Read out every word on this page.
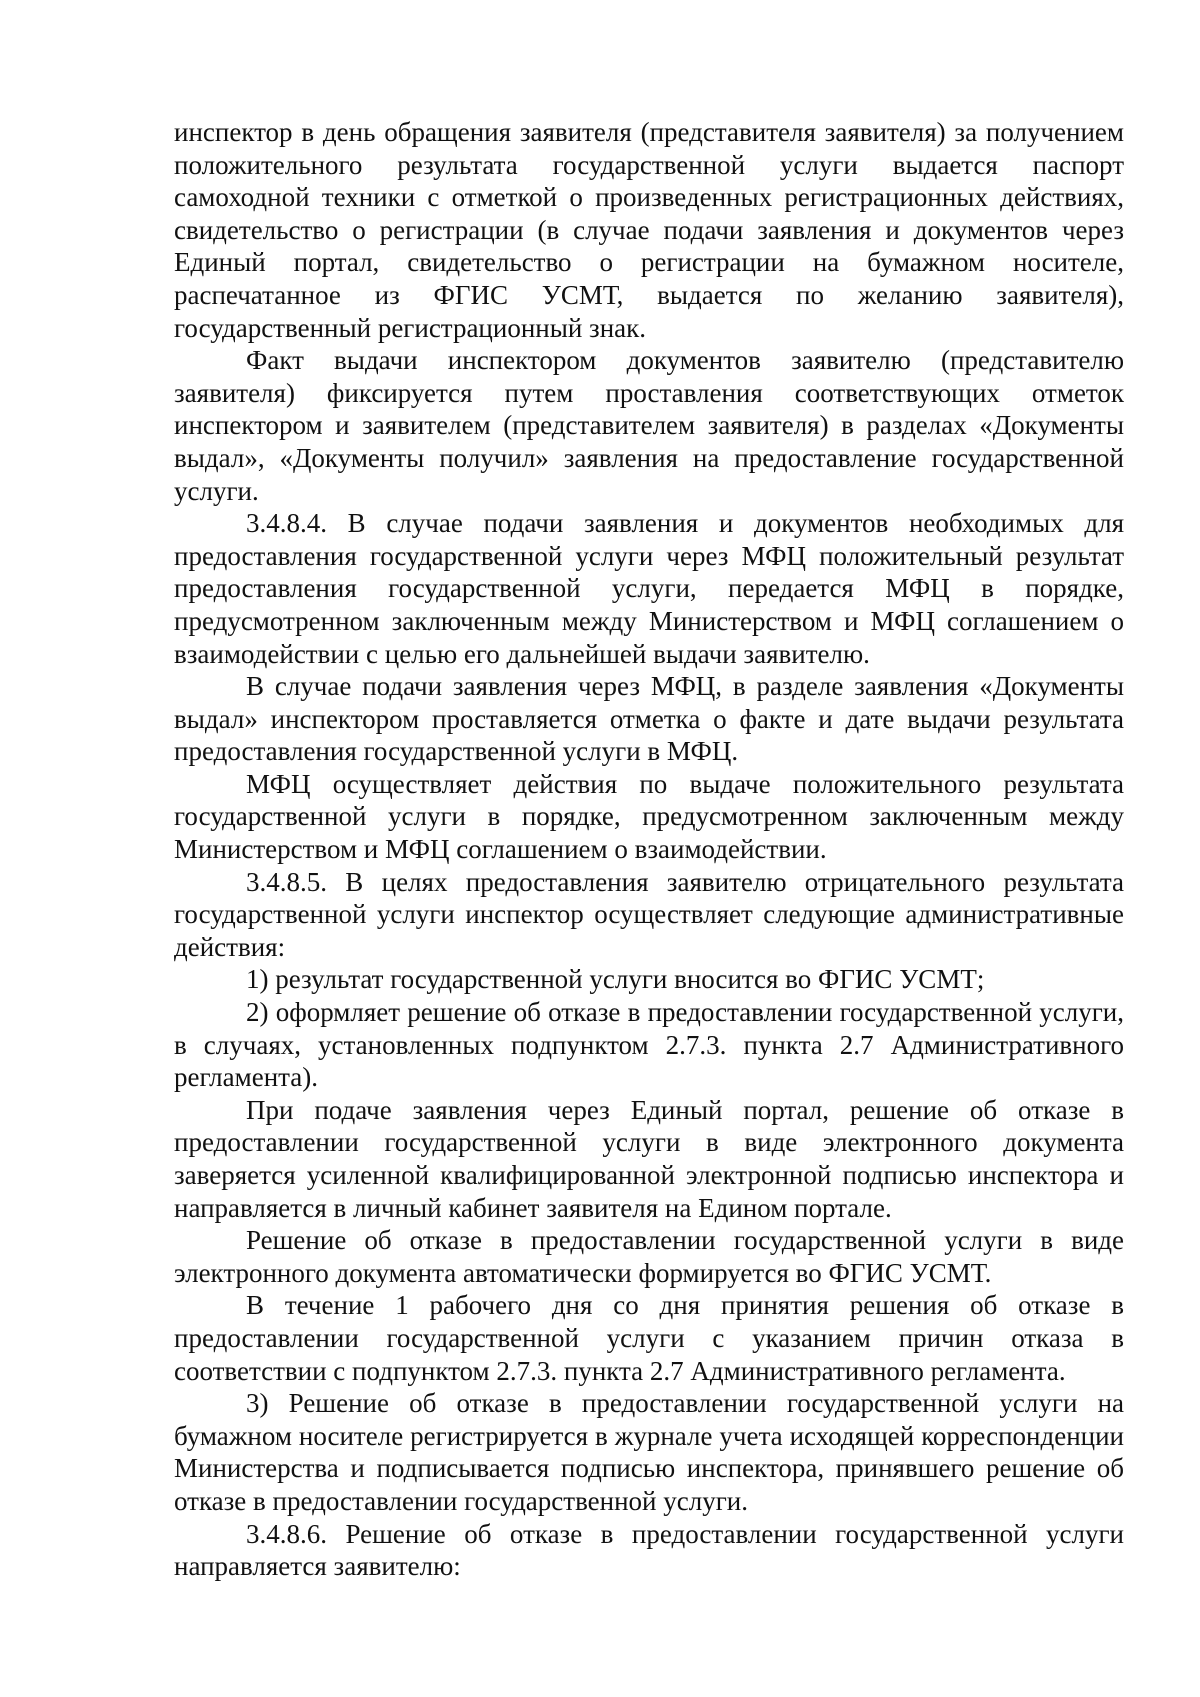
инспектор в день обращения заявителя (представителя заявителя) за получением положительного результата государственной услуги выдается паспорт самоходной техники с отметкой о произведенных регистрационных действиях, свидетельство о регистрации (в случае подачи заявления и документов через Единый портал, свидетельство о регистрации на бумажном носителе, распечатанное из ФГИС УСМТ, выдается по желанию заявителя), государственный регистрационный знак.

Факт выдачи инспектором документов заявителю (представителю заявителя) фиксируется путем проставления соответствующих отметок инспектором и заявителем (представителем заявителя) в разделах «Документы выдал», «Документы получил» заявления на предоставление государственной услуги.

3.4.8.4. В случае подачи заявления и документов необходимых для предоставления государственной услуги через МФЦ положительный результат предоставления государственной услуги, передается МФЦ в порядке, предусмотренном заключенным между Министерством и МФЦ соглашением о взаимодействии с целью его дальнейшей выдачи заявителю.

В случае подачи заявления через МФЦ, в разделе заявления «Документы выдал» инспектором проставляется отметка о факте и дате выдачи результата предоставления государственной услуги в МФЦ.

МФЦ осуществляет действия по выдаче положительного результата государственной услуги в порядке, предусмотренном заключенным между Министерством и МФЦ соглашением о взаимодействии.

3.4.8.5. В целях предоставления заявителю отрицательного результата государственной услуги инспектор осуществляет следующие административные действия:

1) результат государственной услуги вносится во ФГИС УСМТ;

2) оформляет решение об отказе в предоставлении государственной услуги, в случаях, установленных подпунктом 2.7.3. пункта 2.7 Административного регламента).

При подаче заявления через Единый портал, решение об отказе в предоставлении государственной услуги в виде электронного документа заверяется усиленной квалифицированной электронной подписью инспектора и направляется в личный кабинет заявителя на Едином портале.

Решение об отказе в предоставлении государственной услуги в виде электронного документа автоматически формируется во ФГИС УСМТ.

В течение 1 рабочего дня со дня принятия решения об отказе в предоставлении государственной услуги с указанием причин отказа в соответствии с подпунктом 2.7.3. пункта 2.7 Административного регламента.

3) Решение об отказе в предоставлении государственной услуги на бумажном носителе регистрируется в журнале учета исходящей корреспонденции Министерства и подписывается подписью инспектора, принявшего решение об отказе в предоставлении государственной услуги.

3.4.8.6. Решение об отказе в предоставлении государственной услуги направляется заявителю:
